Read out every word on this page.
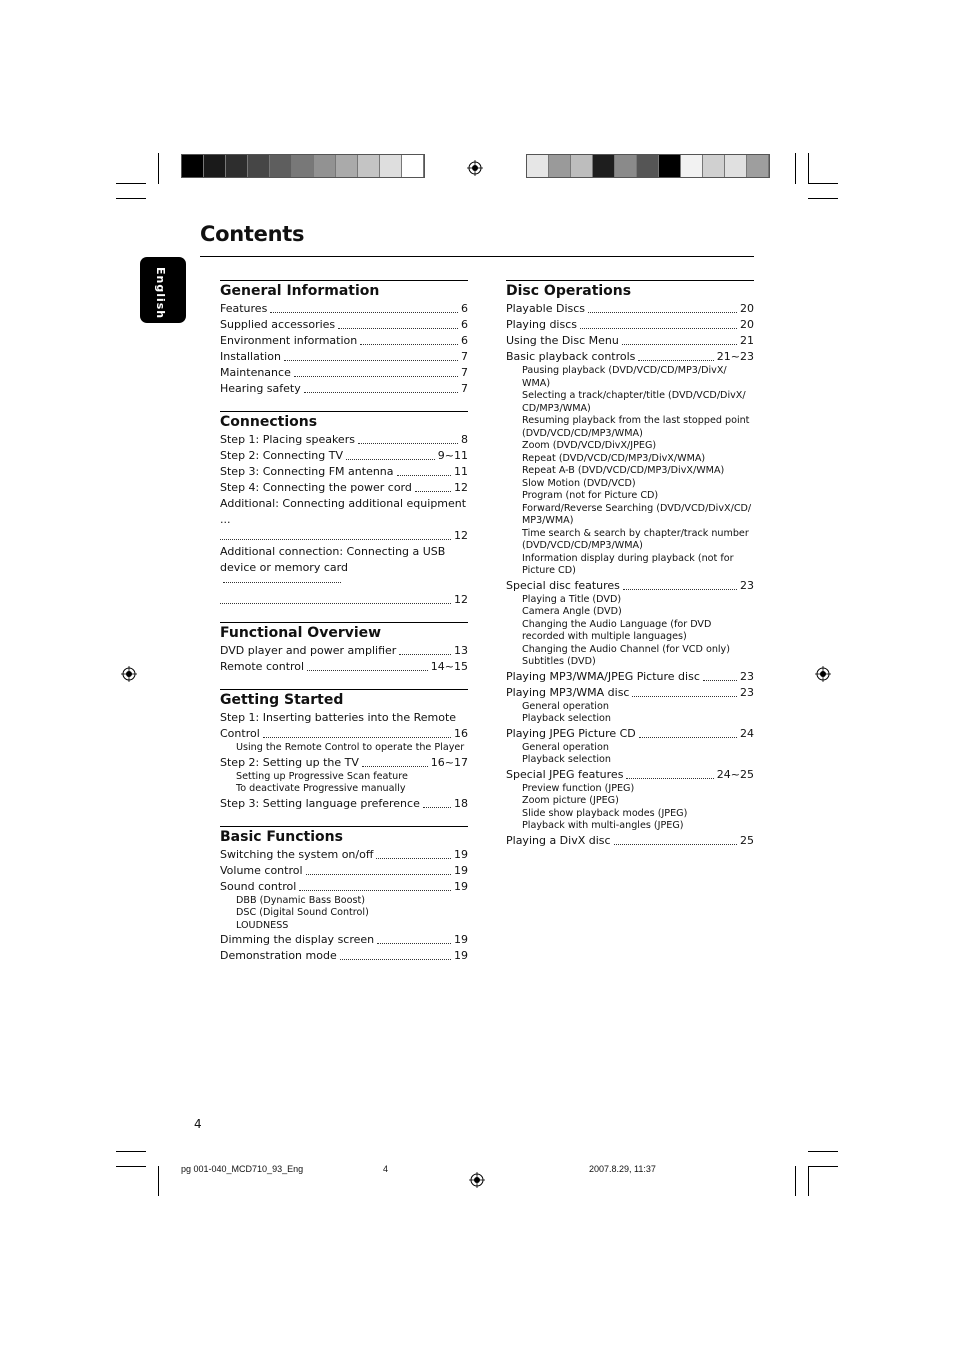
Contents
English	General Information
Features	6
Supplied accessories	6
Environment information	6
Installation	7
Maintenance	7
Hearing safety	7
Connections
Step 1: Placing speakers	8
Step 2: Connecting TV	9~11
Step 3: Connecting FM antenna	11
Step 4: Connecting the power cord	12
Additional: Connecting additional equipment ...
12
Additional connection: Connecting a USB device or memory card
12
Functional Overview
DVD player and power amplifier	13
Remote control	14~15
Getting Started
Step 1: Inserting batteries into the Remote
Control	16
Using the Remote Control to operate the Player
Step 2: Setting up the TV	16~17
Setting up Progressive Scan feature
To deactivate Progressive manually
Step 3: Setting language preference	18
Basic Functions
Switching the system on/off	19
Volume control	19
Sound control	19
DBB (Dynamic Bass Boost)
DSC (Digital Sound Control)
LOUDNESS
Dimming the display screen	19
Demonstration mode	19
Disc Operations
Playable Discs	20
Playing discs	20
Using the Disc Menu	21
Basic playback controls	21~23
Pausing playback (DVD/VCD/CD/MP3/DivX/ WMA)
Selecting a track/chapter/title (DVD/VCD/DivX/ CD/MP3/WMA)
Resuming playback from the last stopped point (DVD/VCD/CD/MP3/WMA)
Zoom (DVD/VCD/DivX/JPEG)
Repeat (DVD/VCD/CD/MP3/DivX/WMA)
Repeat A-B (DVD/VCD/CD/MP3/DivX/WMA)
Slow Motion (DVD/VCD)
Program (not for Picture CD)
Forward/Reverse Searching (DVD/VCD/DivX/CD/ MP3/WMA)
Time search & search by chapter/track number (DVD/VCD/CD/MP3/WMA)
Information display during playback (not for Picture CD)
Special disc features	23
Playing a Title (DVD)
Camera Angle (DVD)
Changing the Audio Language (for DVD recorded with multiple languages)
Changing the Audio Channel (for VCD only)
Subtitles (DVD)
Playing MP3/WMA/JPEG Picture disc	23
Playing MP3/WMA disc	23
General operation
Playback selection
Playing JPEG Picture CD	24
General operation
Playback selection
Special JPEG features	24~25
Preview function (JPEG)
Zoom picture (JPEG)
Slide show playback modes (JPEG)
Playback with multi-angles (JPEG)
Playing a DivX disc	25
4
pg 001-040_MCD710_93_Eng	4	2007.8.29, 11:37
